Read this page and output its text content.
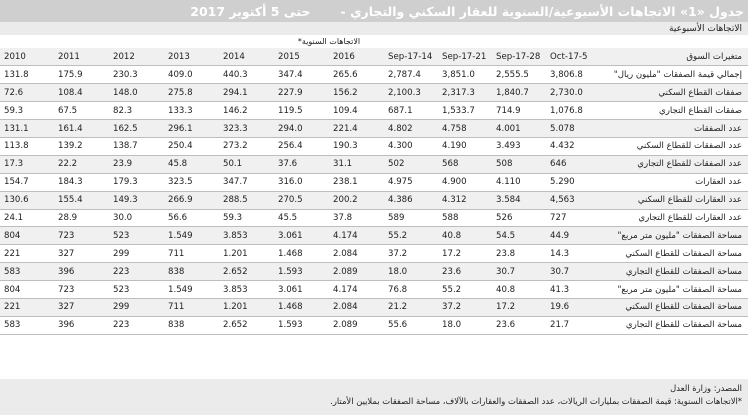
جدول «1» الاتجاهات الأسبوعية/السنوية للعقار السكني والتجاري -
حتى 5 أكتوبر 2017
الاتجاهات الأسبوعية
					الاتجاهات السنوية*						
متغيرات السوق	5-Oct-17	28-Sep-17	21-Sep-17	14-Sep-17	2016	2015	2014	2013	2012	2011	2010
إجمالي قيمة الصفقات "مليون ريال"	3,806.8	2,555.5	3,851.0	2,787.4	265.6	347.4	440.3	409.0	230.3	175.9	131.8
صفقات القطاع السكني	2,730.0	1,840.7	2,317.3	2,100.3	156.2	227.9	294.1	275.8	148.0	108.4	72.6
صفقات القطاع التجاري	1,076.8	714.9	1,533.7	687.1	109.4	119.5	146.2	133.3	82.3	67.5	59.3
عدد الصفقات	5.078	4.001	4.758	4.802	221.4	294.0	323.3	296.1	162.5	161.4	131.1
عدد الصفقات للقطاع السكني	4.432	3.493	4.190	4.300	190.3	256.4	273.2	250.4	138.7	139.2	113.8
عدد الصفقات للقطاع التجاري	646	508	568	502	31.1	37.6	50.1	45.8	23.9	22.2	17.3
عدد العقارات	5.290	4.110	4.900	4.975	238.1	316.0	347.7	323.5	179.3	184.3	154.7
عدد العقارات للقطاع السكني	4,563	3.584	4.312	4.386	200.2	270.5	288.5	266.9	149.3	155.4	130.6
عدد العقارات للقطاع التجاري	727	526	588	589	37.8	45.5	59.3	56.6	30.0	28.9	24.1
مساحة الصفقات "مليون متر مربع"	44.9	54.5	40.8	55.2	4.174	3.061	3.853	1.549	523	723	804
مساحة الصفقات للقطاع السكني	14.3	23.8	17.2	37.2	2.084	1.468	1.201	711	299	327	221
مساحة الصفقات للقطاع التجاري	30.7	30.7	23.6	18.0	2.089	1.593	2.652	838	223	396	583
مساحة الصفقات "مليون متر مربع"	41.3	40.8	55.2	76.8	4.174	3.061	3.853	1.549	523	723	804
مساحة الصفقات للقطاع السكني	19.6	17.2	37.2	21.2	2.084	1.468	1.201	711	299	327	221
مساحة الصفقات للقطاع التجاري	21.7	23.6	18.0	55.6	2.089	1.593	2.652	838	223	396	583
المصدر: وزارة العدل
*الاتجاهات السنوية: قيمة الصفقات بمليارات الريالات، عدد الصفقات والعقارات بالآلاف، مساحة الصفقات بملايين الأمتار.
